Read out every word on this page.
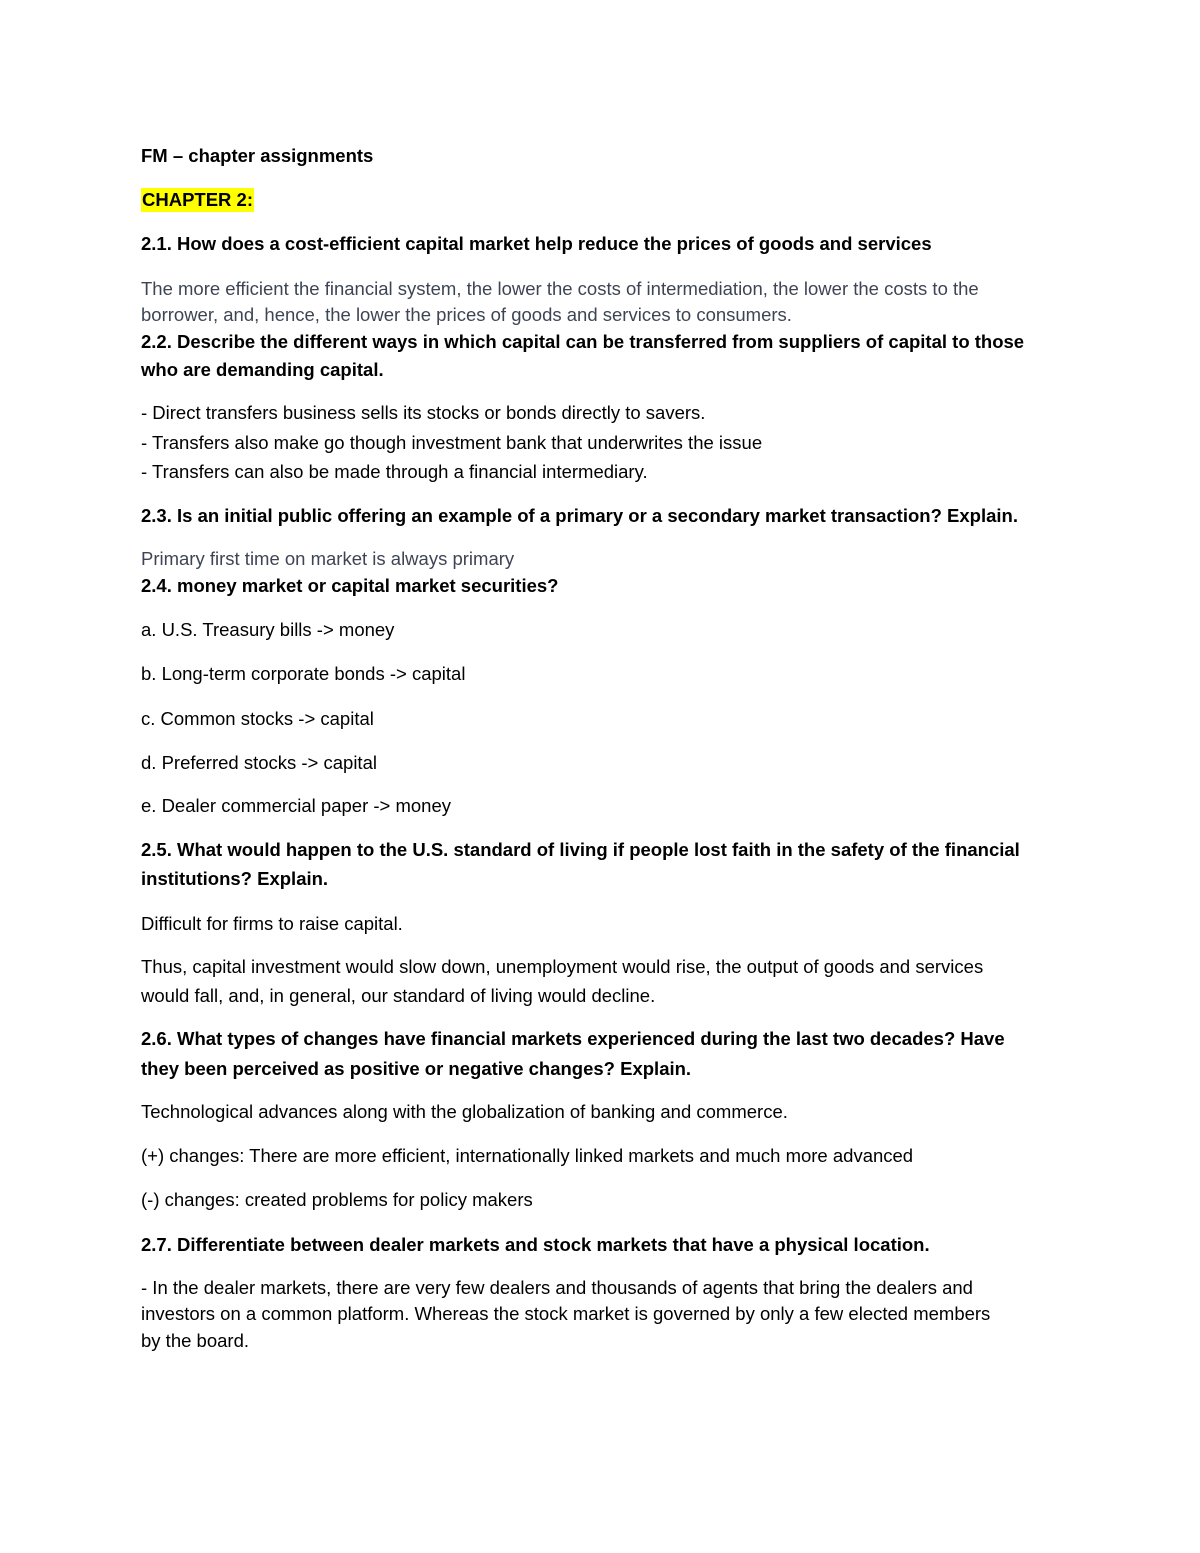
FM – chapter assignments
CHAPTER 2:
2.1. How does a cost-efficient capital market help reduce the prices of goods and services
The more efficient the financial system, the lower the costs of intermediation, the lower the costs to the
borrower, and, hence, the lower the prices of goods and services to consumers.
2.2. Describe the different ways in which capital can be transferred from suppliers of capital to those
who are demanding capital.
- Direct transfers business sells its stocks or bonds directly to savers.
- Transfers also make go though investment bank that underwrites the issue
- Transfers can also be made through a financial intermediary.
2.3. Is an initial public offering an example of a primary or a secondary market transaction? Explain.
Primary first time on market is always primary
2.4. money market or capital market securities?
a. U.S. Treasury bills -> money
b. Long-term corporate bonds -> capital
c. Common stocks -> capital
d. Preferred stocks -> capital
e. Dealer commercial paper -> money
2.5. What would happen to the U.S. standard of living if people lost faith in the safety of the financial
institutions? Explain.
Difficult for firms to raise capital.
Thus, capital investment would slow down, unemployment would rise, the output of goods and services
would fall, and, in general, our standard of living would decline.
2.6. What types of changes have financial markets experienced during the last two decades? Have
they been perceived as positive or negative changes? Explain.
Technological advances along with the globalization of banking and commerce.
(+) changes: There are more efficient, internationally linked markets and much more advanced
(-) changes: created problems for policy makers
2.7. Differentiate between dealer markets and stock markets that have a physical location.
- In the dealer markets, there are very few dealers and thousands of agents that bring the dealers and
investors on a common platform. Whereas the stock market is governed by only a few elected members
by the board.
